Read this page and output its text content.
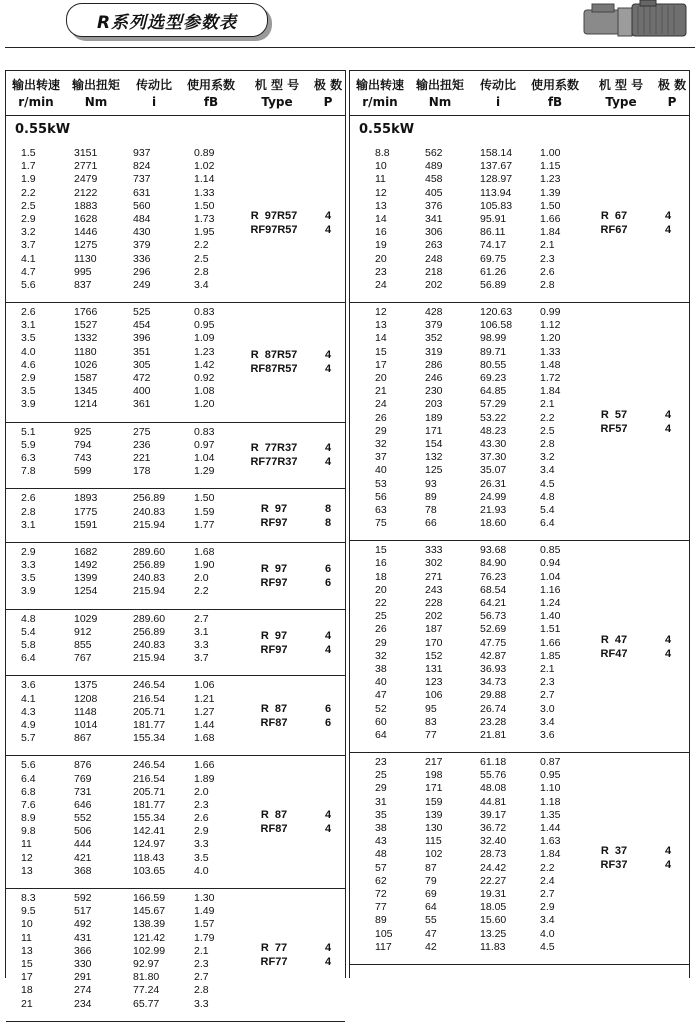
R系列选型参数表
输出转速 输出扭矩	传动比	使用系数	机 型 号	极 数
r/min	Nm	i	fB	Type	P
0.55kW
1.5	3151	937	0.89
1.7	2771	824	1.02
1.9	2479	737	1.14
2.2	2122	631	1.33
2.5	1883	560	1.50
2.9	1628	484	1.73
3.2	1446	430	1.95
3.7	1275	379	2.2
4.1	1130	336	2.5
4.7	995	296	2.8
5.6	837	249	3.4
R  97R57	4
RF97R57	4
2.6	1766	525	0.83
3.1	1527	454	0.95
3.5	1332	396	1.09
4.0	1180	351	1.23
4.6	1026	305	1.42
2.9	1587	472	0.92
3.5	1345	400	1.08
3.9	1214	361	1.20
R  87R57	4
RF87R57	4
5.1	925	275	0.83
5.9	794	236	0.97
6.3	743	221	1.04
7.8	599	178	1.29
R  77R37	4
RF77R37	4
2.6	1893	256.89	1.50
2.8	1775	240.83	1.59
3.1	1591	215.94	1.77
R  97	8
RF97	8
2.9	1682	289.60	1.68
3.3	1492	256.89	1.90
3.5	1399	240.83	2.0
3.9	1254	215.94	2.2
R  97	6
RF97	6
4.8	1029	289.60	2.7
5.4	912	256.89	3.1
5.8	855	240.83	3.3
6.4	767	215.94	3.7
R  97	4
RF97	4
3.6	1375	246.54	1.06
4.1	1208	216.54	1.21
4.3	1148	205.71	1.27
4.9	1014	181.77	1.44
5.7	867	155.34	1.68
R  87	6
RF87	6
5.6	876	246.54	1.66
6.4	769	216.54	1.89
6.8	731	205.71	2.0
7.6	646	181.77	2.3
8.9	552	155.34	2.6
9.8	506	142.41	2.9
11	444	124.97	3.3
12	421	118.43	3.5
13	368	103.65	4.0
R  87	4
RF87	4
8.3	592	166.59	1.30
9.5	517	145.67	1.49
10	492	138.39	1.57
11	431	121.42	1.79
13	366	102.99	2.1
15	330	92.97	2.3
17	291	81.80	2.7
18	274	77.24	2.8
21	234	65.77	3.3
R  77	4
RF77	4
输出转速 输出扭矩	传动比	使用系数	机 型 号	极 数
r/min	Nm	i	fB	Type	P
0.55kW
8.8	562	158.14	1.00
10	489	137.67	1.15
11	458	128.97	1.23
12	405	113.94	1.39
13	376	105.83	1.50
14	341	95.91	1.66
16	306	86.11	1.84
19	263	74.17	2.1
20	248	69.75	2.3
23	218	61.26	2.6
24	202	56.89	2.8
R  67	4
RF67	4
12	428	120.63	0.99
13	379	106.58	1.12
14	352	98.99	1.20
15	319	89.71	1.33
17	286	80.55	1.48
20	246	69.23	1.72
21	230	64.85	1.84
24	203	57.29	2.1
26	189	53.22	2.2
29	171	48.23	2.5
32	154	43.30	2.8
37	132	37.30	3.2
40	125	35.07	3.4
53	93	26.31	4.5
56	89	24.99	4.8
63	78	21.93	5.4
75	66	18.60	6.4
R  57	4
RF57	4
15	333	93.68	0.85
16	302	84.90	0.94
18	271	76.23	1.04
20	243	68.54	1.16
22	228	64.21	1.24
25	202	56.73	1.40
26	187	52.69	1.51
29	170	47.75	1.66
32	152	42.87	1.85
38	131	36.93	2.1
40	123	34.73	2.3
47	106	29.88	2.7
52	95	26.74	3.0
60	83	23.28	3.4
64	77	21.81	3.6
R  47	4
RF47	4
23	217	61.18	0.87
25	198	55.76	0.95
29	171	48.08	1.10
31	159	44.81	1.18
35	139	39.17	1.35
38	130	36.72	1.44
43	115	32.40	1.63
48	102	28.73	1.84
57	87	24.42	2.2
62	79	22.27	2.4
72	69	19.31	2.7
77	64	18.05	2.9
89	55	15.60	3.4
105	47	13.25	4.0
117	42	11.83	4.5
R  37	4
RF37	4
